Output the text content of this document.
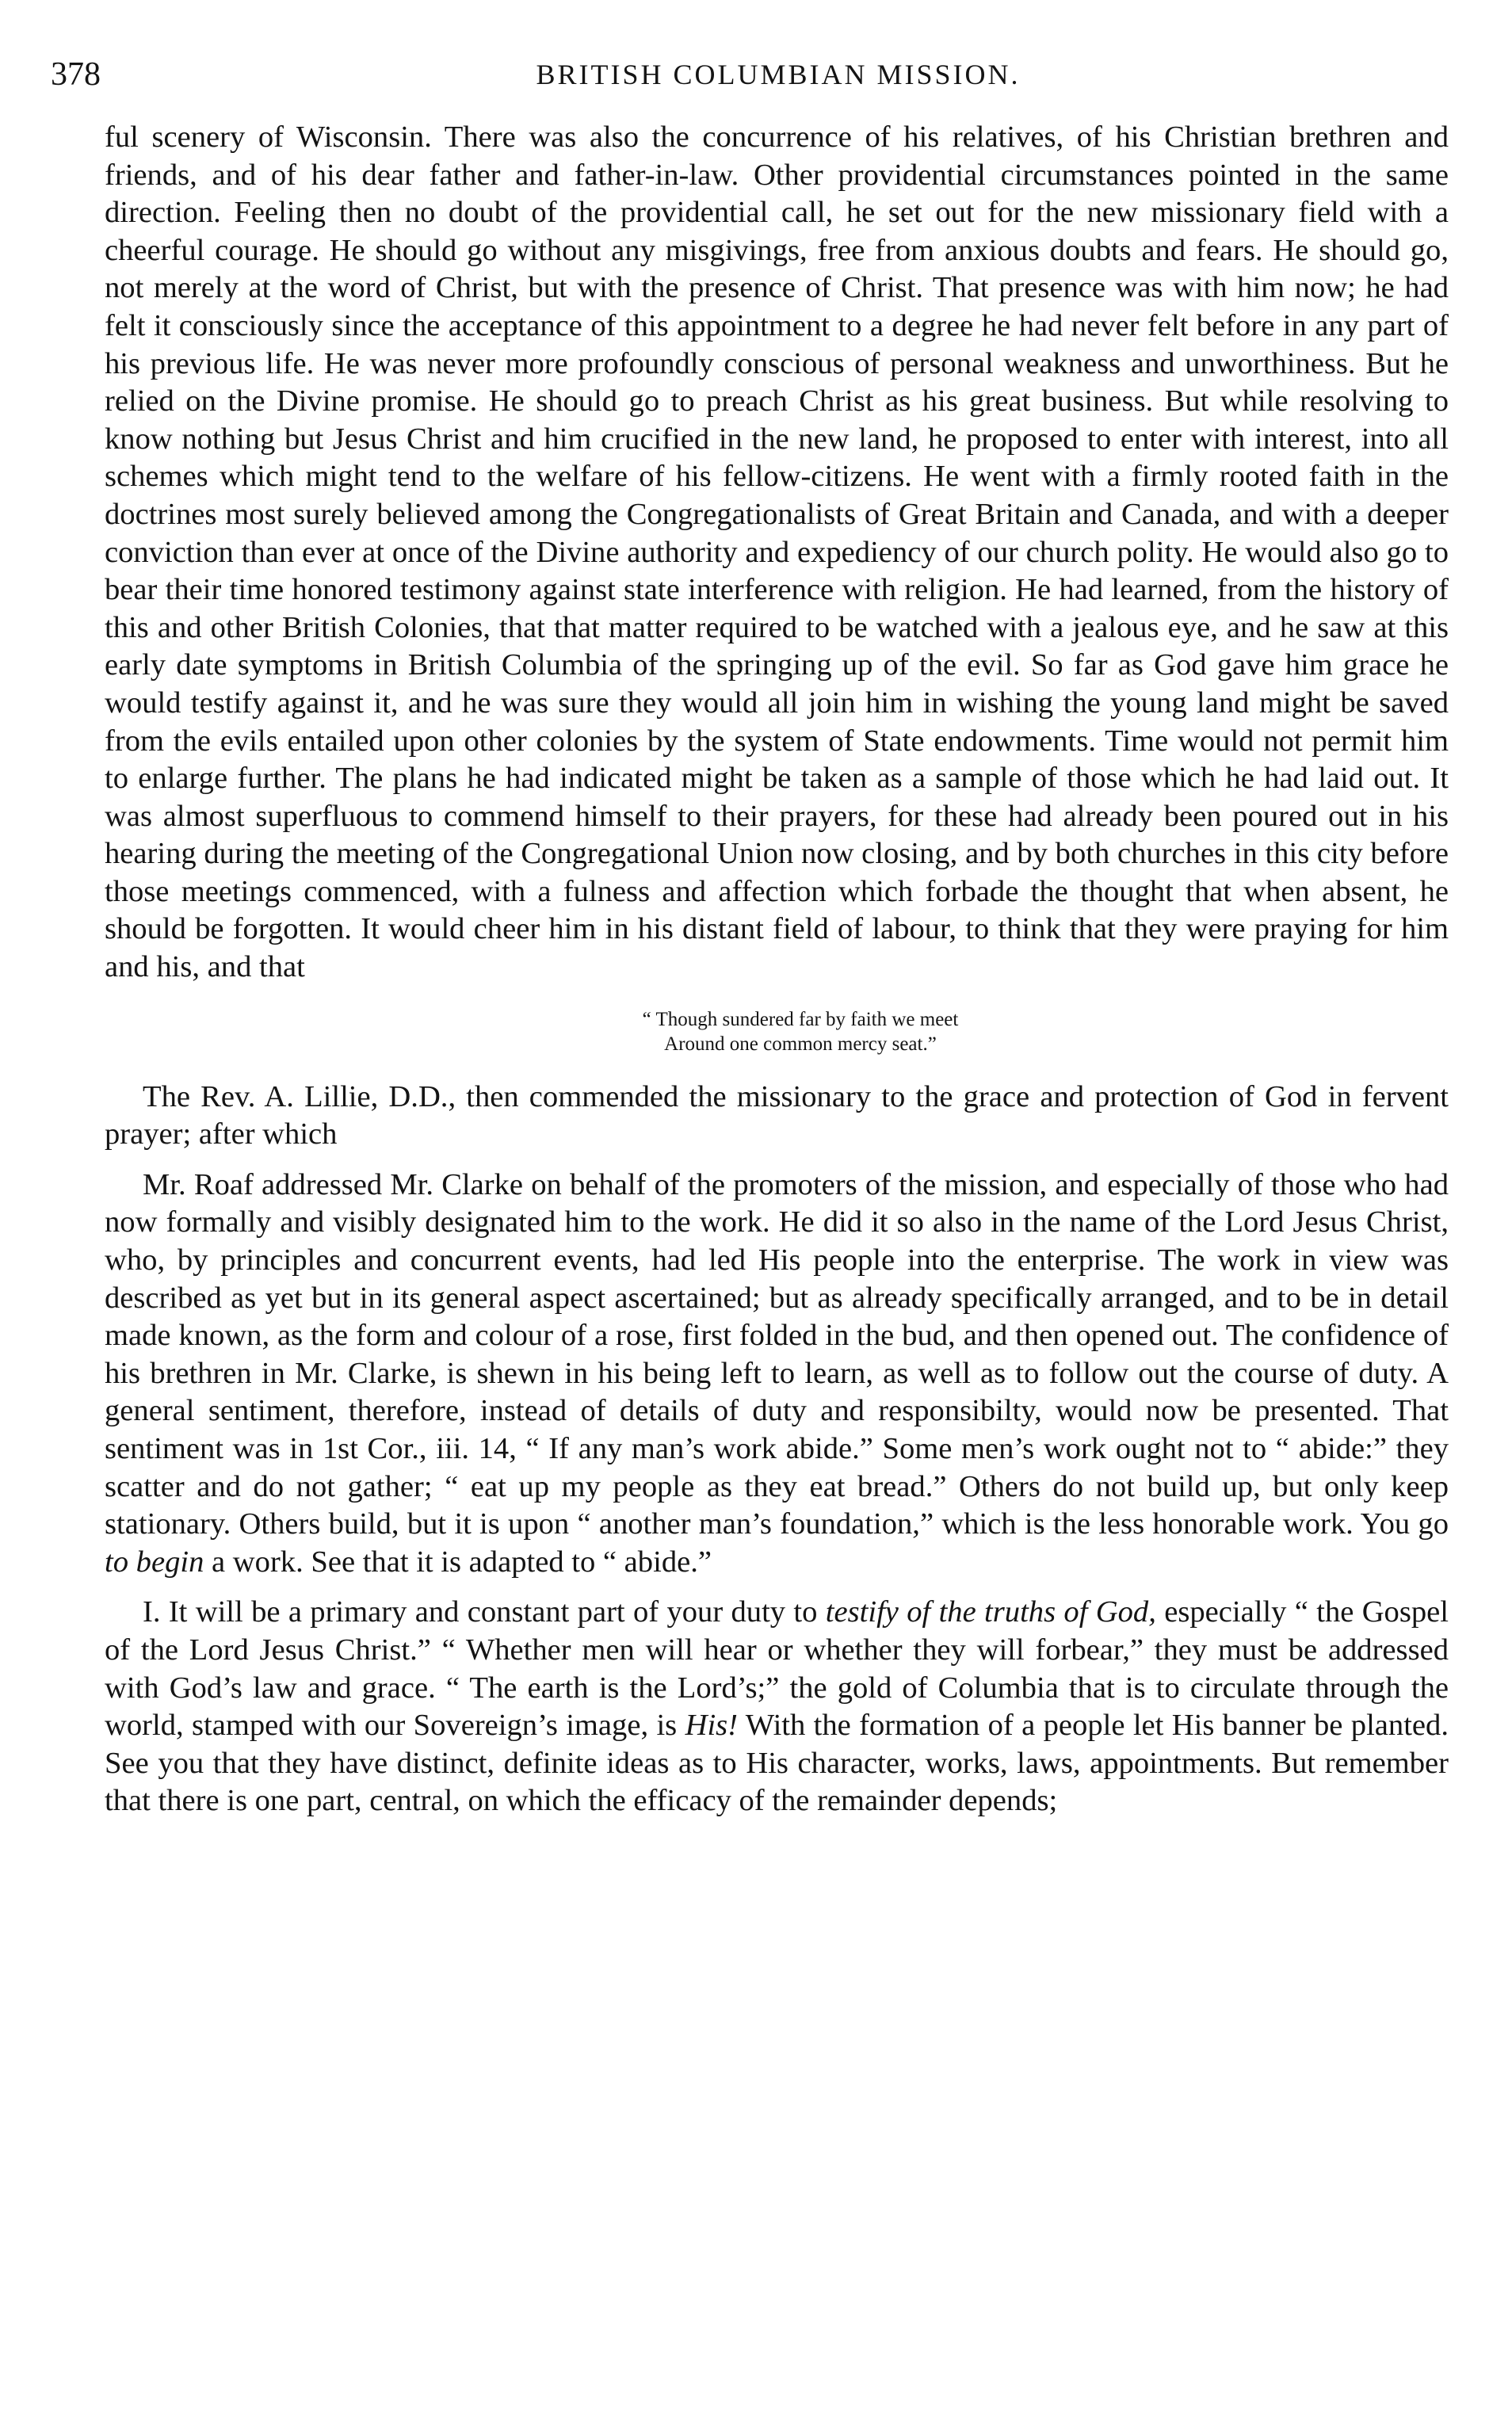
378	BRITISH COLUMBIAN MISSION.

ful scenery of Wisconsin. There was also the concurrence of his relatives, of his Christian brethren and friends, and of his dear father and father-in-law. Other providential circumstances pointed in the same direction. Feeling then no doubt of the providential call, he set out for the new missionary field with a cheerful courage. He should go without any misgivings, free from anxious doubts and fears. He should go, not merely at the word of Christ, but with the presence of Christ. That presence was with him now; he had felt it consciously since the acceptance of this appointment to a degree he had never felt before in any part of his previous life. He was never more profoundly conscious of personal weakness and unworthiness. But he relied on the Divine promise. He should go to preach Christ as his great business. But while resolving to know nothing but Jesus Christ and him crucified in the new land, he proposed to enter with interest, into all schemes which might tend to the welfare of his fellow-citizens. He went with a firmly rooted faith in the doctrines most surely believed among the Congregationalists of Great Britain and Canada, and with a deeper conviction than ever at once of the Divine authority and expediency of our church polity. He would also go to bear their time honored testimony against state interference with religion. He had learned, from the history of this and other British Colonies, that that matter required to be watched with a jealous eye, and he saw at this early date symptoms in British Columbia of the springing up of the evil. So far as God gave him grace he would testify against it, and he was sure they would all join him in wishing the young land might be saved from the evils entailed upon other colonies by the system of State endowments. Time would not permit him to enlarge further. The plans he had indicated might be taken as a sample of those which he had laid out. It was almost superfluous to commend himself to their prayers, for these had already been poured out in his hearing during the meeting of the Congregational Union now closing, and by both churches in this city before those meetings commenced, with a fulness and affection which forbade the thought that when absent, he should be forgotten. It would cheer him in his distant field of labour, to think that they were praying for him and his, and that

“ Though sundered far by faith we meet
Around one common mercy seat.”

The Rev. A. Lillie, D.D., then commended the missionary to the grace and protection of God in fervent prayer; after which

Mr. Roaf addressed Mr. Clarke on behalf of the promoters of the mission, and especially of those who had now formally and visibly designated him to the work. He did it so also in the name of the Lord Jesus Christ, who, by principles and concurrent events, had led His people into the enterprise. The work in view was described as yet but in its general aspect ascertained; but as already specifically arranged, and to be in detail made known, as the form and colour of a rose, first folded in the bud, and then opened out. The confidence of his brethren in Mr. Clarke, is shewn in his being left to learn, as well as to follow out the course of duty. A general sentiment, therefore, instead of details of duty and responsibilty, would now be presented. That sentiment was in 1st Cor., iii. 14, “ If any man’s work abide.” Some men’s work ought not to “ abide:” they scatter and do not gather; “ eat up my people as they eat bread.” Others do not build up, but only keep stationary. Others build, but it is upon “ another man’s foundation,” which is the less honorable work. You go to begin a work. See that it is adapted to “ abide.”

I. It will be a primary and constant part of your duty to testify of the truths of God, especially “ the Gospel of the Lord Jesus Christ.” “ Whether men will hear or whether they will forbear,” they must be addressed with God’s law and grace. “ The earth is the Lord’s;” the gold of Columbia that is to circulate through the world, stamped with our Sovereign’s image, is His! With the formation of a people let His banner be planted. See you that they have distinct, definite ideas as to His character, works, laws, appointments. But remember that there is one part, central, on which the efficacy of the remainder depends;
